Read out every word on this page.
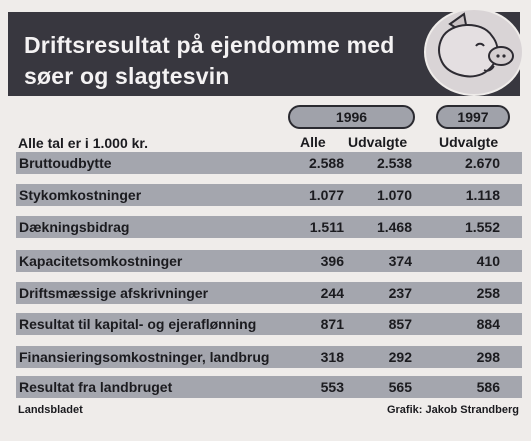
Driftsresultat på ejendomme med søer og slagtesvin
1996	1997
Alle tal er i 1.000 kr.	Alle Udvalgte Udvalgte
Bruttoudbytte	2.588	2.538	2.670
Stykomkostninger	1.077	1.070	1.118
Dækningsbidrag	1.511	1.468	1.552
Kapacitetsomkostninger	396	374	410
Driftsmæssige afskrivninger	244	237	258
Resultat til kapital- og ejeraflønning	871	857	884
Finansieringsomkostninger, landbrug	318	292	298
Resultat fra landbruget	553	565	586
Landsbladet	Grafik: Jakob Strandberg
